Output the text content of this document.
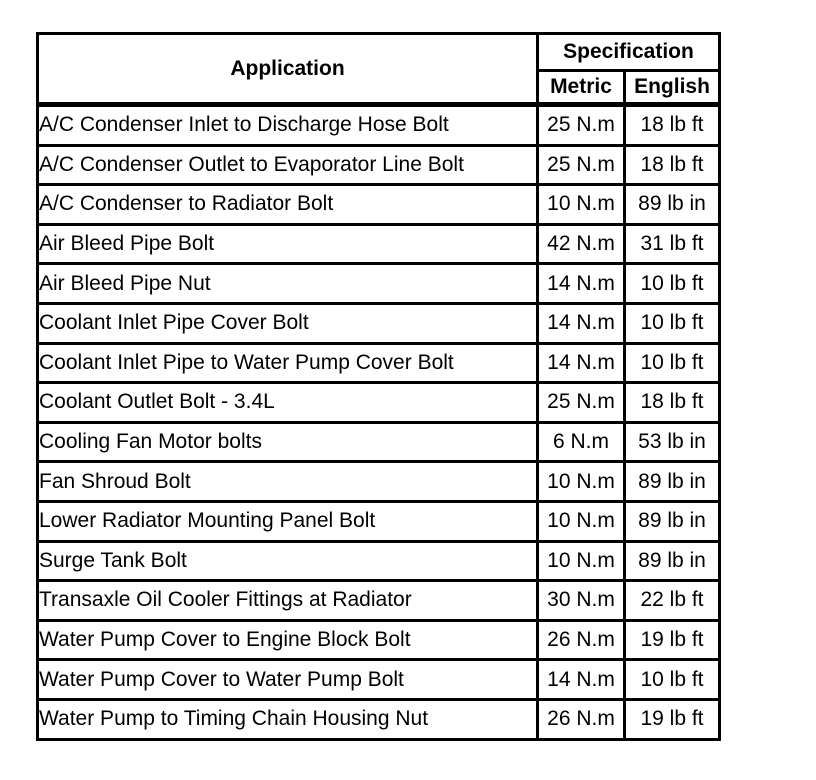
Application	Specification	
	Metric	English
A/C Condenser Inlet to Discharge Hose Bolt	25 N.m	18 lb ft
A/C Condenser Outlet to Evaporator Line Bolt	25 N.m	18 lb ft
A/C Condenser to Radiator Bolt	10 N.m	89 lb in
Air Bleed Pipe Bolt	42 N.m	31 lb ft
Air Bleed Pipe Nut	14 N.m	10 lb ft
Coolant Inlet Pipe Cover Bolt	14 N.m	10 lb ft
Coolant Inlet Pipe to Water Pump Cover Bolt	14 N.m	10 lb ft
Coolant Outlet Bolt - 3.4L	25 N.m	18 lb ft
Cooling Fan Motor bolts	6 N.m	53 lb in
Fan Shroud Bolt	10 N.m	89 lb in
Lower Radiator Mounting Panel Bolt	10 N.m	89 lb in
Surge Tank Bolt	10 N.m	89 lb in
Transaxle Oil Cooler Fittings at Radiator	30 N.m	22 lb ft
Water Pump Cover to Engine Block Bolt	26 N.m	19 lb ft
Water Pump Cover to Water Pump Bolt	14 N.m	10 lb ft
Water Pump to Timing Chain Housing Nut	26 N.m	19 lb ft
